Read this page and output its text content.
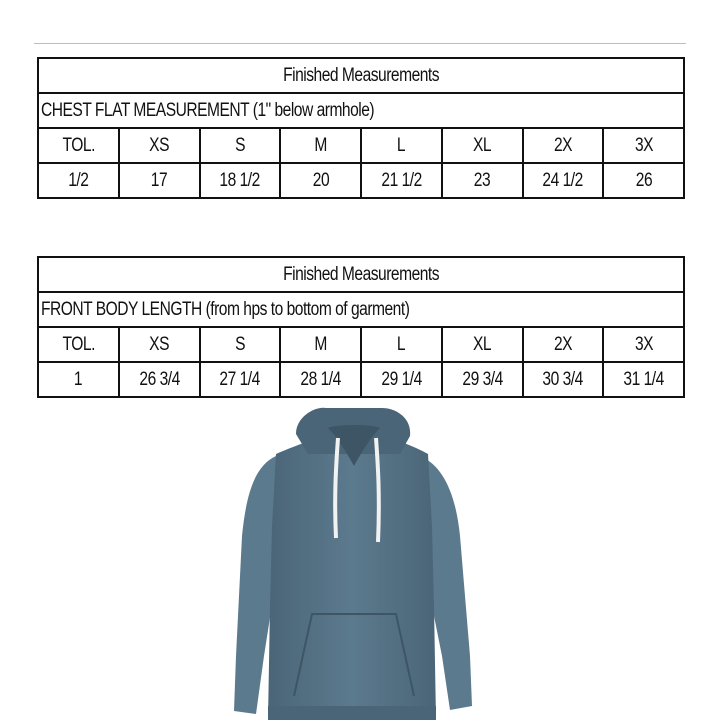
Finished Measurements							
CHEST FLAT MEASUREMENT (1" below armhole)							
TOL.	XS	S	M	L	XL	2X	3X
1/2	17	18 1/2	20	21 1/2	23	24 1/2	26
Finished Measurements							
FRONT BODY LENGTH (from hps to bottom of garment)							
TOL.	XS	S	M	L	XL	2X	3X
1	26 3/4	27 1/4	28 1/4	29 1/4	29 3/4	30 3/4	31 1/4
